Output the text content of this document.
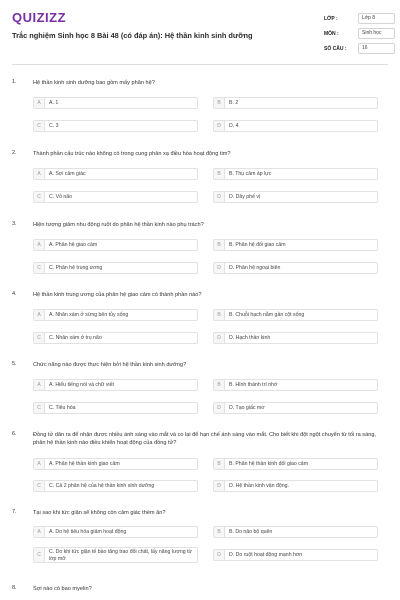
QUIZIZZ
Trắc nghiệm Sinh học 8 Bài 48 (có đáp án): Hệ thần kinh sinh dưỡng
LỚP :	Lớp 8
MÔN :	Sinh học
SỐ CÂU :	16
1.	Hệ thần kinh sinh dưỡng bao gồm mấy phân hệ?
A	A. 1	B	B. 2
C	C. 3	D	D. 4
2.	Thành phần cấu trúc nào không có trong cung phản xạ điều hòa hoạt động tim?
A	A. Sợi cảm giác	B	B. Thụ cảm áp lực
C	C. Vỏ não	D	D. Dây phế vị
3.	Hiện tượng giảm nhu động ruột do phân hệ thần kinh nào phụ trách?
A	A. Phân hệ giao cảm	B	B. Phân hệ đối giao cảm
C	C. Phân hệ trung ương	D	D. Phân hệ ngoại biên
4.	Hệ thần kinh trung ương của phân hệ giao cảm có thành phần nào?
A	A. Nhân xám ở sừng bên tủy sống	B	B. Chuỗi hạch nằm gần cột sống
C	C. Nhân xám ở trụ não	D	D. Hạch thần kinh
5.	Chức năng nào được thực hiện bởi hệ thần kinh sinh dưỡng?
A	A. Hiểu tiếng nói và chữ viết	B	B. Hình thành trí nhớ
C	C. Tiêu hóa	D	D. Tạo giấc mơ
6.	Đồng tử dãn ra để nhận được nhiều ánh sáng vào mắt và co lại để hạn chế ánh sáng vào mắt. Cho biết khi đột ngột chuyển từ tối ra sáng, phân hệ thần kinh nào điều khiển hoạt động của đồng tử?
A	A. Phân hệ thần kinh giao cảm	B	B. Phân hệ thần kinh đối giao cảm
C	C. Cả 2 phân hệ của hệ thần kinh sinh dưỡng	D	D. Hệ thần kinh vận động.
7.	Tại sao khi tức giận sẽ không còn cảm giác thèm ăn?
A	A. Do hệ tiêu hóa giảm hoạt động	B	B. Do não bộ quên
C	C. Do khi tức giận tế bào tăng trao đổi chất, lấy năng lượng từ lớp mỡ
D	D. Do ruột hoạt động mạnh hơn
8.	Sợi nào có bao myelin?
